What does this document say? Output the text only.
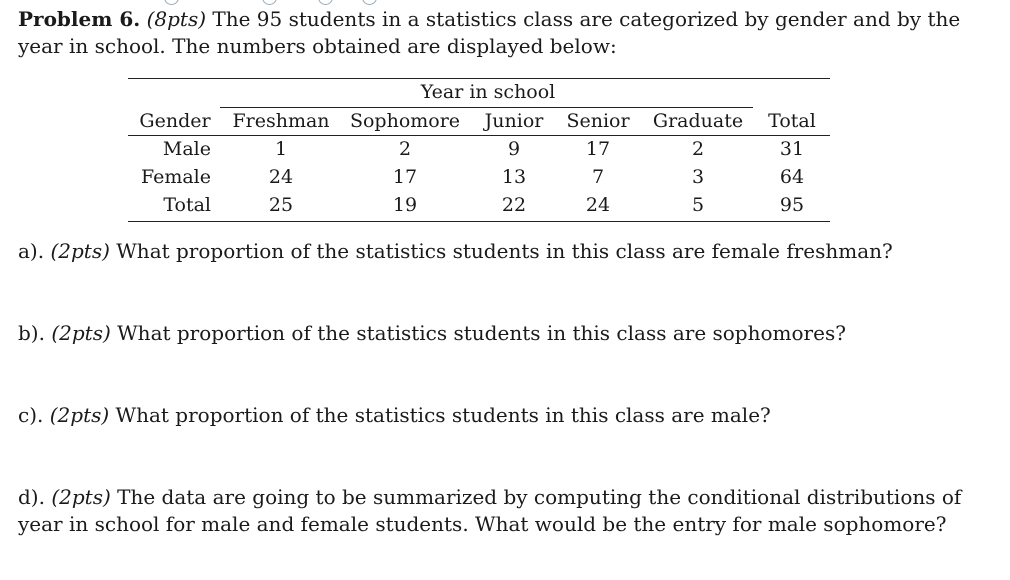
Problem 6. (8pts) The 95 students in a statistics class are categorized by gender and by the
year in school. The numbers obtained are displayed below:
Year in school
Gender Freshman Sophomore Junior Senior Graduate Total
Male	1	2	9	17	2	31
Female	24	17	13	7	3	64
Total	25	19	22	24	5	95
a). (2pts) What proportion of the statistics students in this class are female freshman?
b). (2pts) What proportion of the statistics students in this class are sophomores?
c). (2pts) What proportion of the statistics students in this class are male?
d). (2pts) The data are going to be summarized by computing the conditional distributions of
year in school for male and female students. What would be the entry for male sophomore?
